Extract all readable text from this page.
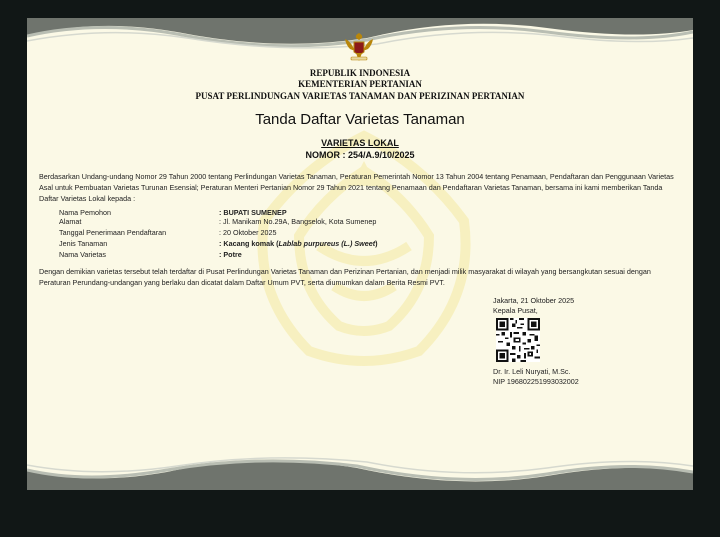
REPUBLIK INDONESIA
KEMENTERIAN PERTANIAN
PUSAT PERLINDUNGAN VARIETAS TANAMAN DAN PERIZINAN PERTANIAN
Tanda Daftar Varietas Tanaman
VARIETAS LOKAL
NOMOR : 254/A.9/10/2025
Berdasarkan Undang-undang Nomor 29 Tahun 2000 tentang Perlindungan Varietas Tanaman, Peraturan Pemerintah Nomor 13 Tahun 2004 tentang Penamaan, Pendaftaran dan Penggunaan Varietas Asal untuk Pembuatan Varietas Turunan Esensial; Peraturan Menteri Pertanian Nomor 29 Tahun 2021 tentang Penamaan dan Pendaftaran Varietas Tanaman, bersama ini kami memberikan Tanda Daftar Varietas Lokal kepada :
Nama Pemohon	: BUPATI SUMENEP
Alamat	: Jl. Manikam No.29A, Bangselok, Kota Sumenep
Tanggal Penerimaan Pendaftaran	: 20 Oktober 2025
Jenis Tanaman	: Kacang komak (Lablab purpureus (L.) Sweet)
Nama Varietas	: Potre
Dengan demikian varietas tersebut telah terdaftar di Pusat Perlindungan Varietas Tanaman dan Perizinan Pertanian, dan menjadi milik masyarakat di wilayah yang bersangkutan sesuai dengan Peraturan Perundang-undangan yang berlaku dan dicatat dalam Daftar Umum PVT, serta diumumkan dalam Berita Resmi PVT.
Jakarta, 21 Oktober 2025
Kepala Pusat,
Dr. Ir. Leli Nuryati, M.Sc.
NIP 196802251993032002
